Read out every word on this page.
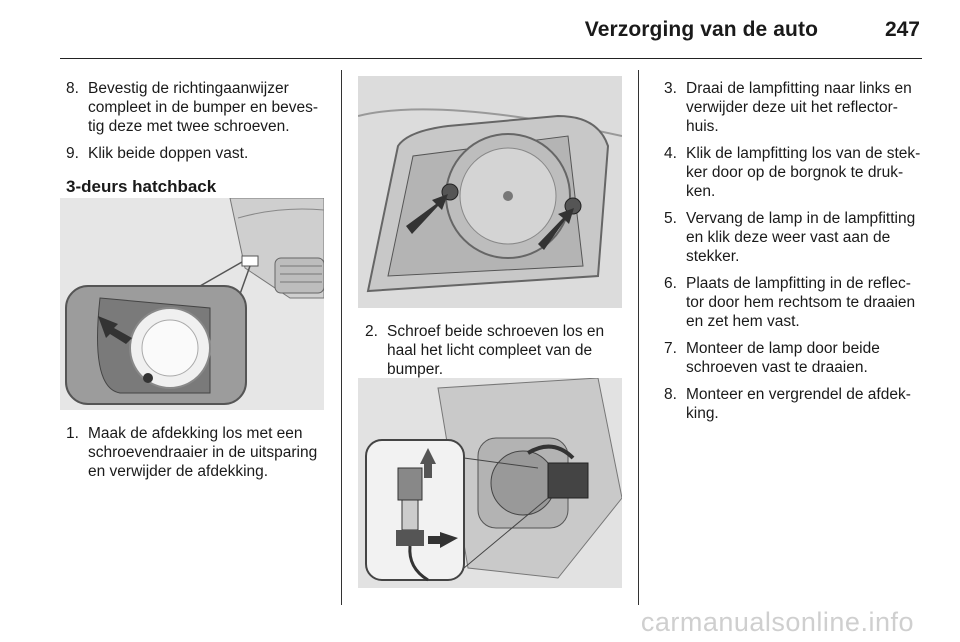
Verzorging van de auto	247
8. Bevestig de richtingaanwijzer compleet in de bumper en beves-tig deze met twee schroeven.
9. Klik beide doppen vast.
3-deurs hatchback
1. Maak de afdekking los met een schroevendraaier in de uitsparing en verwijder de afdekking.
2. Schroef beide schroeven los en haal het licht compleet van de bumper.
3. Draai de lampfitting naar links en verwijder deze uit het reflector-huis.
4. Klik de lampfitting los van de stek-ker door op de borgnok te druk-ken.
5. Vervang de lamp in de lampfitting en klik deze weer vast aan de stekker.
6. Plaats de lampfitting in de reflec-tor door hem rechtsom te draaien en zet hem vast.
7. Monteer de lamp door beide schroeven vast te draaien.
8. Monteer en vergrendel de afdek-king.
carmanualsonline.info
